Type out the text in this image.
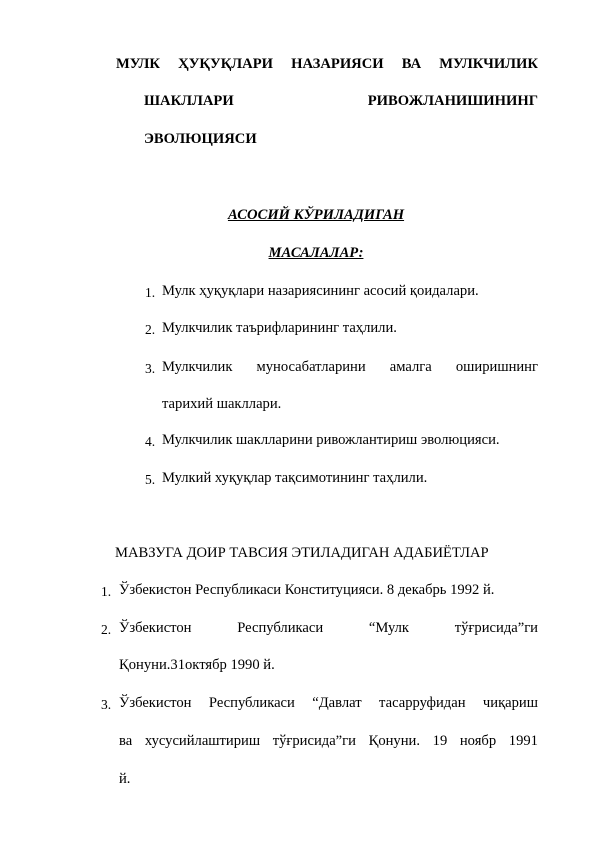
МУЛК ҲУҚУҚЛАРИ НАЗАРИЯСИ ВА МУЛКЧИЛИК
ШАКЛЛАРИ	РИВОЖЛАНИШИНИНГ
ЭВОЛЮЦИЯСИ
АСОСИЙ КЎРИЛАДИГАН
МАСАЛАЛАР:
1. Мулк ҳуқуқлари назариясининг асосий қоидалари.
2. Мулкчилик таърифларининг таҳлили.
3. Мулкчилик муносабатларини амалга оширишнинг
тарихий шакллари.
4. Мулкчилик шаклларини ривожлантириш эволюцияси.
5. Мулкий хуқуқлар тақсимотининг таҳлили.
МАВЗУГА ДОИР ТАВСИЯ ЭТИЛАДИГАН АДАБИЁТЛАР
1. Ўзбекистон Республикаси Конституцияси. 8 декабрь 1992 й.
2. Ўзбекистон	Республикаси	“Мулк	тўғрисида”ги
Қонуни.31октябр 1990 й.
3. Ўзбекистон Республикаси “Давлат тасарруфидан чиқариш
ва хусусийлаштириш тўғрисида”ги Қонуни. 19 ноябр 1991
й.
